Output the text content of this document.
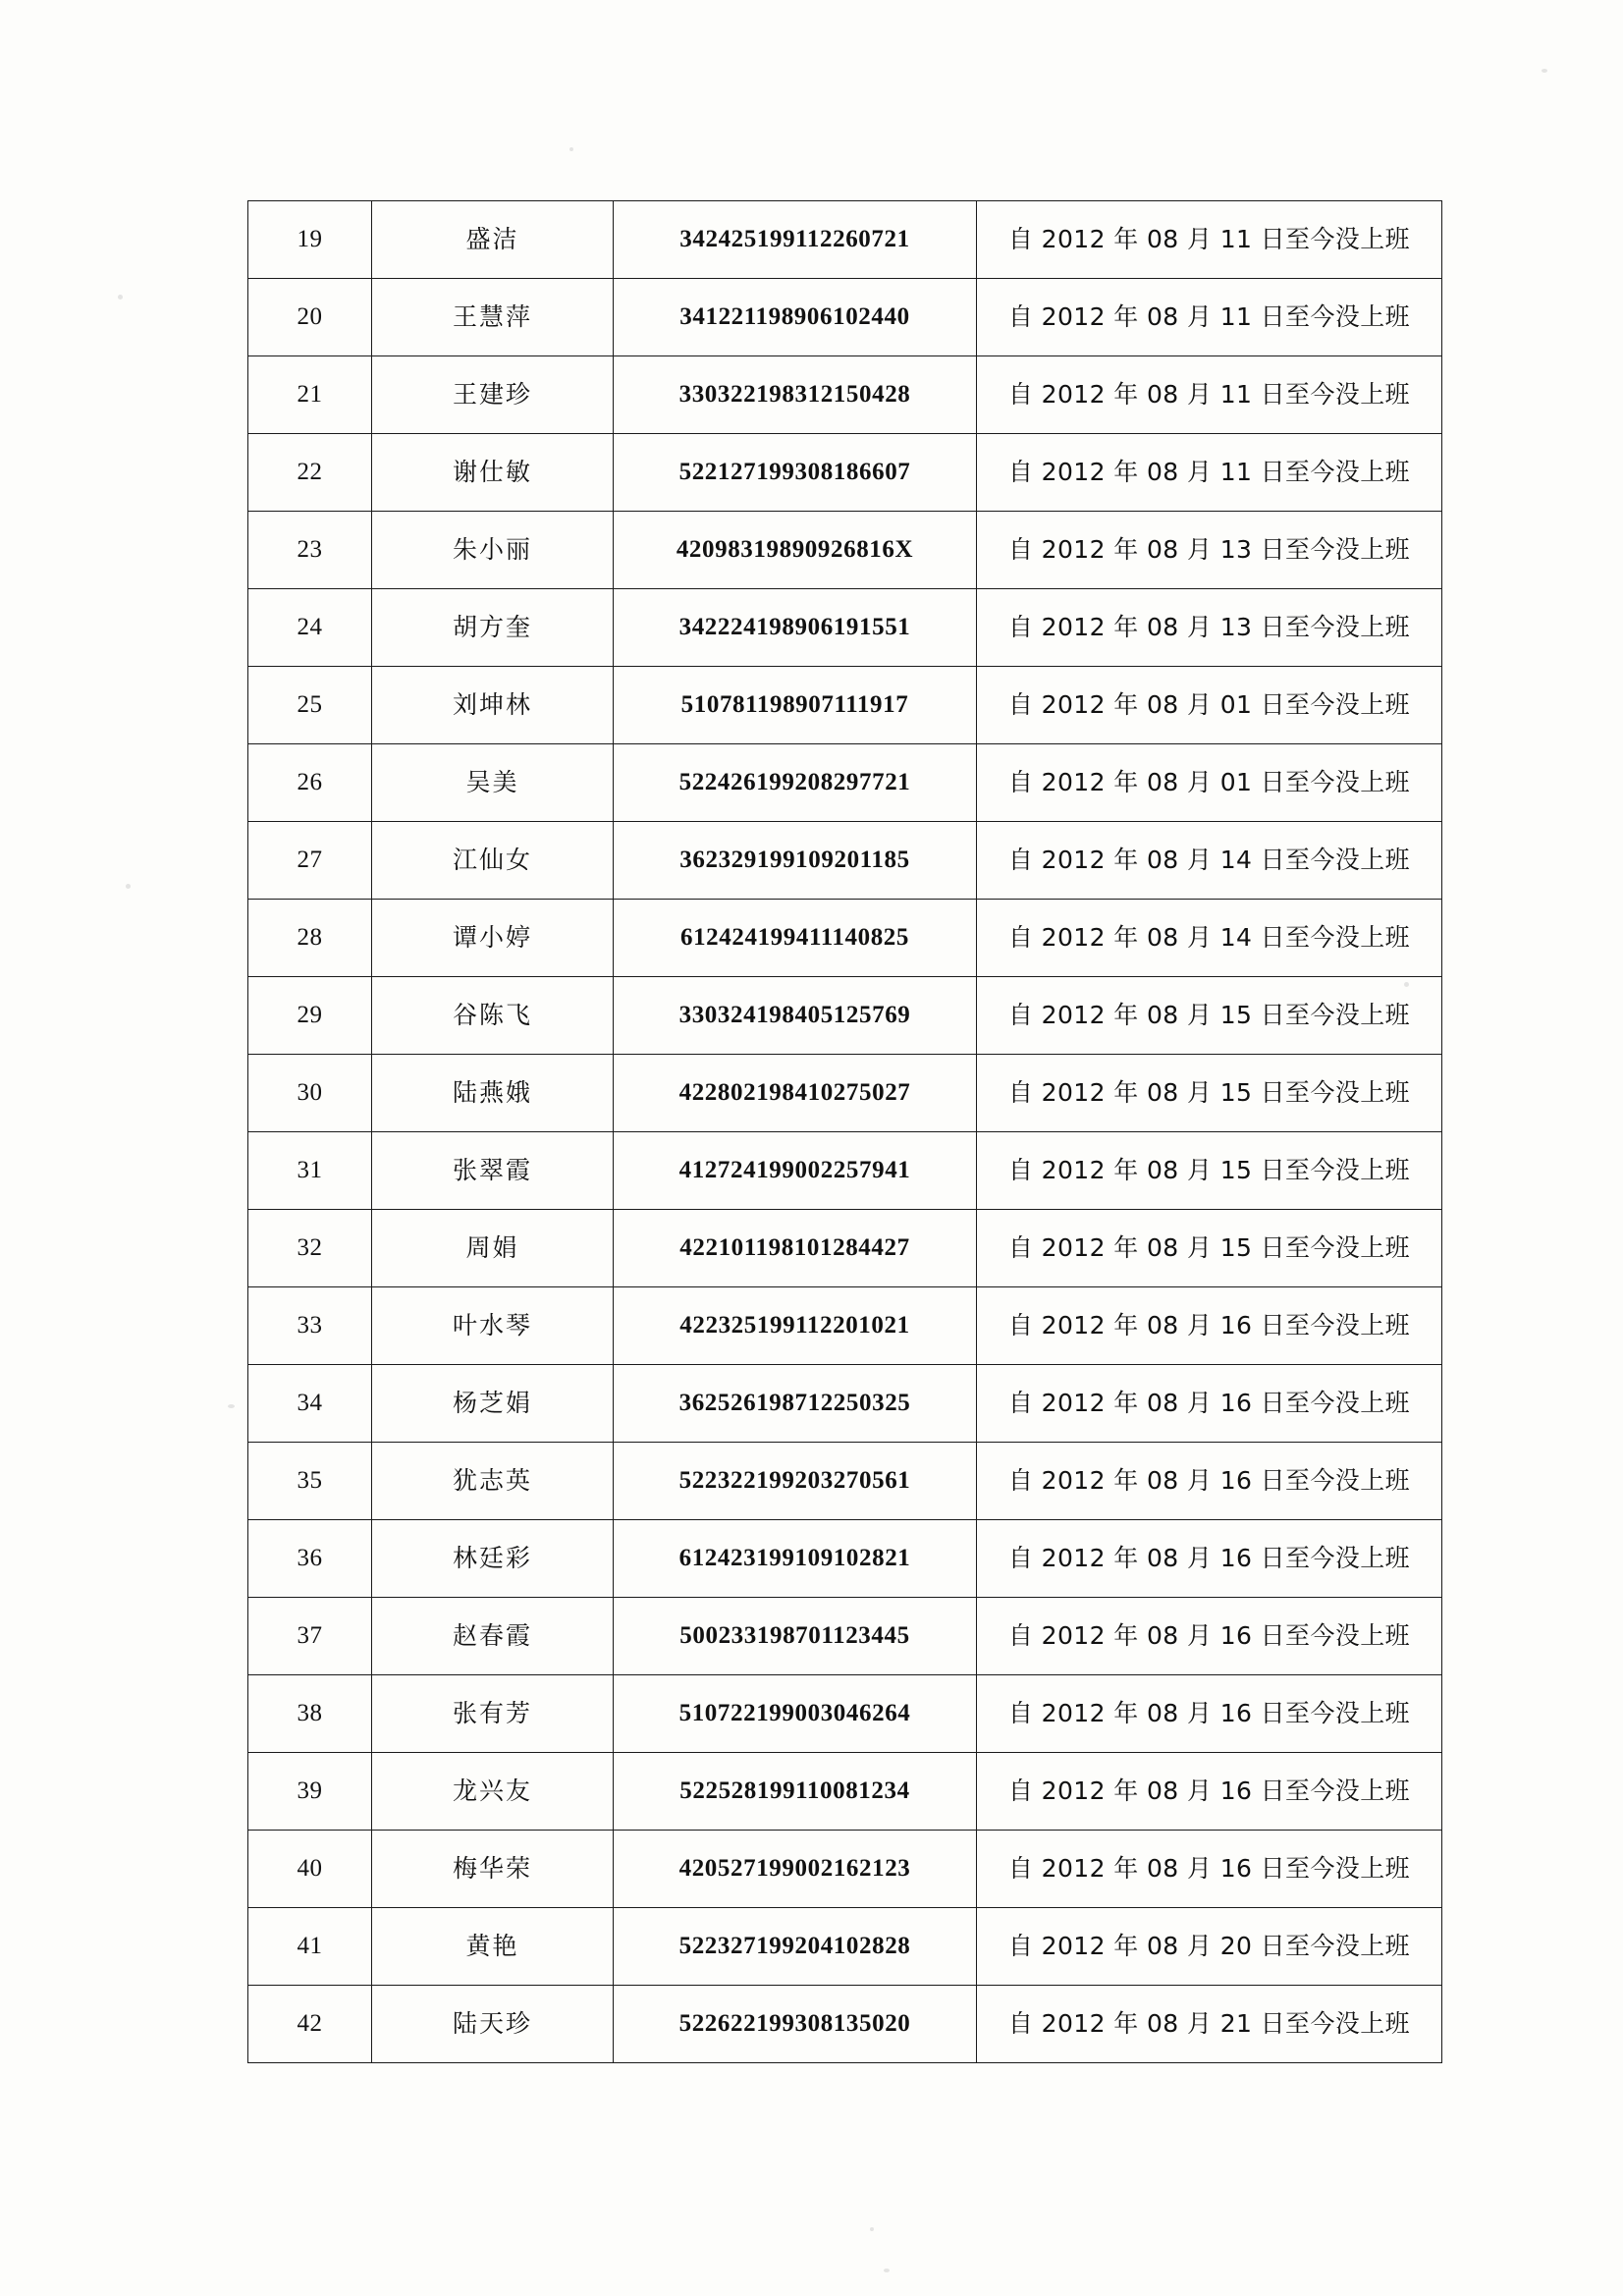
19	盛洁	342425199112260721	自 2012 年 08 月 11 日至今没上班
20	王慧萍	341221198906102440	自 2012 年 08 月 11 日至今没上班
21	王建珍	330322198312150428	自 2012 年 08 月 11 日至今没上班
22	谢仕敏	522127199308186607	自 2012 年 08 月 11 日至今没上班
23	朱小丽	42098319890926816X	自 2012 年 08 月 13 日至今没上班
24	胡方奎	342224198906191551	自 2012 年 08 月 13 日至今没上班
25	刘坤林	510781198907111917	自 2012 年 08 月 01 日至今没上班
26	吴美	522426199208297721	自 2012 年 08 月 01 日至今没上班
27	江仙女	362329199109201185	自 2012 年 08 月 14 日至今没上班
28	谭小婷	612424199411140825	自 2012 年 08 月 14 日至今没上班
29	谷陈飞	330324198405125769	自 2012 年 08 月 15 日至今没上班
30	陆燕娥	422802198410275027	自 2012 年 08 月 15 日至今没上班
31	张翠霞	412724199002257941	自 2012 年 08 月 15 日至今没上班
32	周娟	422101198101284427	自 2012 年 08 月 15 日至今没上班
33	叶水琴	422325199112201021	自 2012 年 08 月 16 日至今没上班
34	杨芝娟	362526198712250325	自 2012 年 08 月 16 日至今没上班
35	犹志英	522322199203270561	自 2012 年 08 月 16 日至今没上班
36	林廷彩	612423199109102821	自 2012 年 08 月 16 日至今没上班
37	赵春霞	500233198701123445	自 2012 年 08 月 16 日至今没上班
38	张有芳	510722199003046264	自 2012 年 08 月 16 日至今没上班
39	龙兴友	522528199110081234	自 2012 年 08 月 16 日至今没上班
40	梅华荣	420527199002162123	自 2012 年 08 月 16 日至今没上班
41	黄艳	522327199204102828	自 2012 年 08 月 20 日至今没上班
42	陆天珍	522622199308135020	自 2012 年 08 月 21 日至今没上班
